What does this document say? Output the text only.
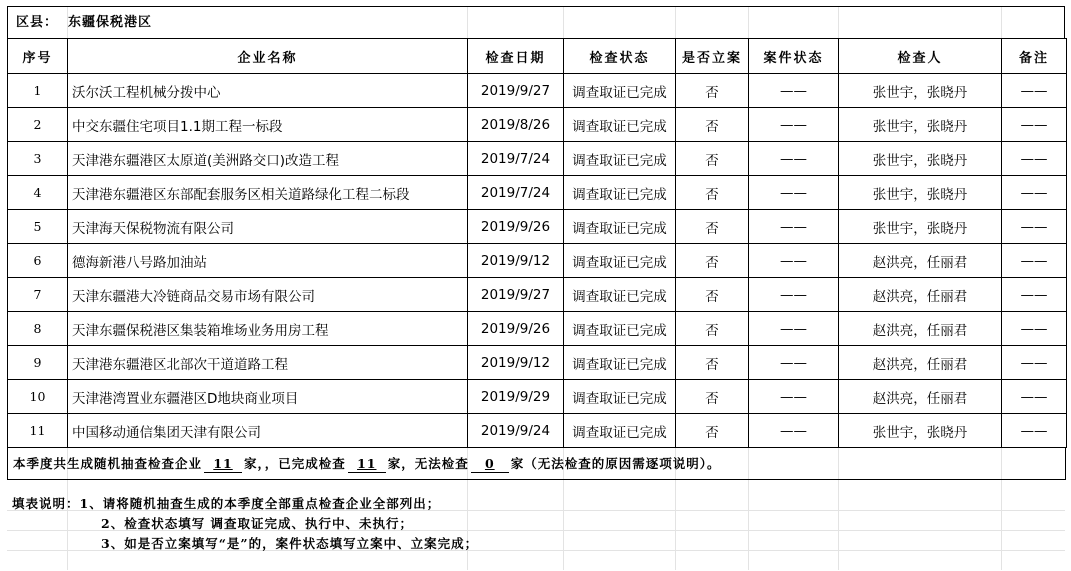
区县： 东疆保税港区
序号	企业名称	检查日期	检查状态	是否立案	案件状态	检查人	备注
1	沃尔沃工程机械分拨中心	2019/9/27	调查取证已完成	否	——	张世宇，张晓丹	——
2	中交东疆住宅项目1.1期工程一标段	2019/8/26	调查取证已完成	否	——	张世宇，张晓丹	——
3	天津港东疆港区太原道(美洲路交口)改造工程	2019/7/24	调查取证已完成	否	——	张世宇，张晓丹	——
4	天津港东疆港区东部配套服务区相关道路绿化工程二标段	2019/7/24	调查取证已完成	否	——	张世宇，张晓丹	——
5	天津海天保税物流有限公司	2019/9/26	调查取证已完成	否	——	张世宇，张晓丹	——
6	德海新港八号路加油站	2019/9/12	调查取证已完成	否	——	赵洪亮，任丽君	——
7	天津东疆港大冷链商品交易市场有限公司	2019/9/27	调查取证已完成	否	——	赵洪亮，任丽君	——
8	天津东疆保税港区集装箱堆场业务用房工程	2019/9/26	调查取证已完成	否	——	赵洪亮，任丽君	——
9	天津港东疆港区北部次干道道路工程	2019/9/12	调查取证已完成	否	——	赵洪亮，任丽君	——
10	天津港湾置业东疆港区D地块商业项目	2019/9/29	调查取证已完成	否	——	赵洪亮，任丽君	——
11	中国移动通信集团天津有限公司	2019/9/24	调查取证已完成	否	——	张世宇，张晓丹	——
本季度共生成随机抽查检查企业 11 家，，已完成检查 11 家，无法检查 0 家（无法检查的原因需逐项说明）。
填表说明：1、请将随机抽查生成的本季度全部重点检查企业全部列出；
2、检查状态填写 调查取证完成、执行中、未执行；
3、如是否立案填写“是”的，案件状态填写立案中、立案完成；
